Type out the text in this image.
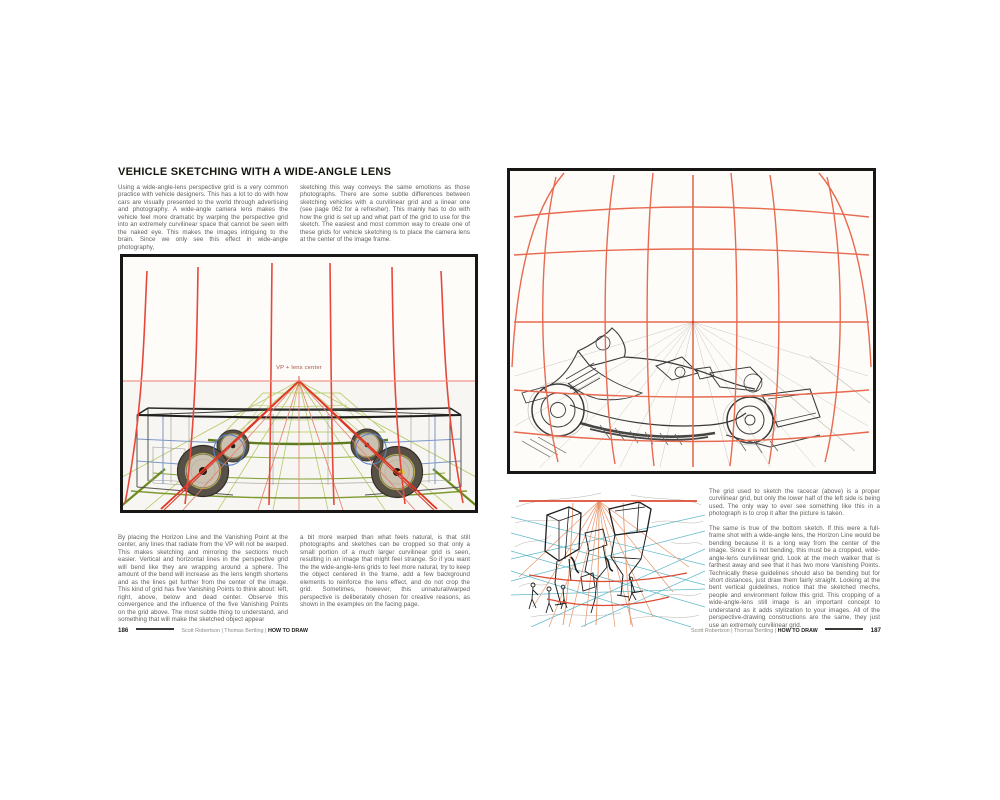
VEHICLE SKETCHING WITH A WIDE-ANGLE LENS
Using a wide-angle-lens perspective grid is a very common practice with vehicle designers. This has a lot to do with how cars are visually presented to the world through advertising and photography. A wide-angle camera lens makes the vehicle feel more dramatic by warping the perspective grid into an extremely curvilinear space that cannot be seen with the naked eye. This makes the images intriguing to the brain. Since we only see this effect in wide-angle photography,
sketching this way conveys the same emotions as those photographs. There are some subtle differences between sketching vehicles with a curvilinear grid and a linear one (see page 062 for a refresher). This mainly has to do with how the grid is set up and what part of the grid to use for the sketch. The easiest and most common way to create one of these grids for vehicle sketching is to place the camera lens at the center of the image frame.
VP + lens center
By placing the Horizon Line and the Vanishing Point at the center, any lines that radiate from the VP will not be warped. This makes sketching and mirroring the sections much easier. Vertical and horizontal lines in the perspective grid will bend like they are wrapping around a sphere. The amount of the bend will increase as the lens length shortens and as the lines get further from the center of the image. This kind of grid has five Vanishing Points to think about: left, right, above, below and dead center. Observe this convergence and the influence of the five Vanishing Points on the grid above. The most subtle thing to understand, and something that will make the sketched object appear
a bit more warped than what feels natural, is that still photographs and sketches can be cropped so that only a small portion of a much larger curvilinear grid is seen, resulting in an image that might feel strange. So if you want the the wide-angle-lens grids to feel more natural, try to keep the object centered in the frame, add a few background elements to reinforce the lens effect, and do not crop the grid. Sometimes, however, this unnatural/warped perspective is deliberately chosen for creative reasons, as shown in the examples on the facing page.
186	Scott Robertson | Thomas Bertling | HOW TO DRAW

The grid used to sketch the racecar (above) is a proper curvilinear grid, but only the lower half of the left side is being used. The only way to ever see something like this in a photograph is to crop it after the picture is taken.

The same is true of the bottom sketch. If this were a full-frame shot with a wide-angle lens, the Horizon Line would be bending because it is a long way from the center of the image. Since it is not bending, this must be a cropped, wide-angle-lens curvilinear grid. Look at the mech walker that is farthest away and see that it has two more Vanishing Points. Technically these guidelines should also be bending but for short distances, just draw them fairly straight. Looking at the bent vertical guidelines, notice that the sketched mechs, people and environment follow this grid. This cropping of a wide-angle-lens still image is an important concept to understand as it adds stylization to your images. All of the perspective-drawing constructions are the same, they just use an extremely curvilinear grid.

Scott Robertson | Thomas Bertling | HOW TO DRAW	187
